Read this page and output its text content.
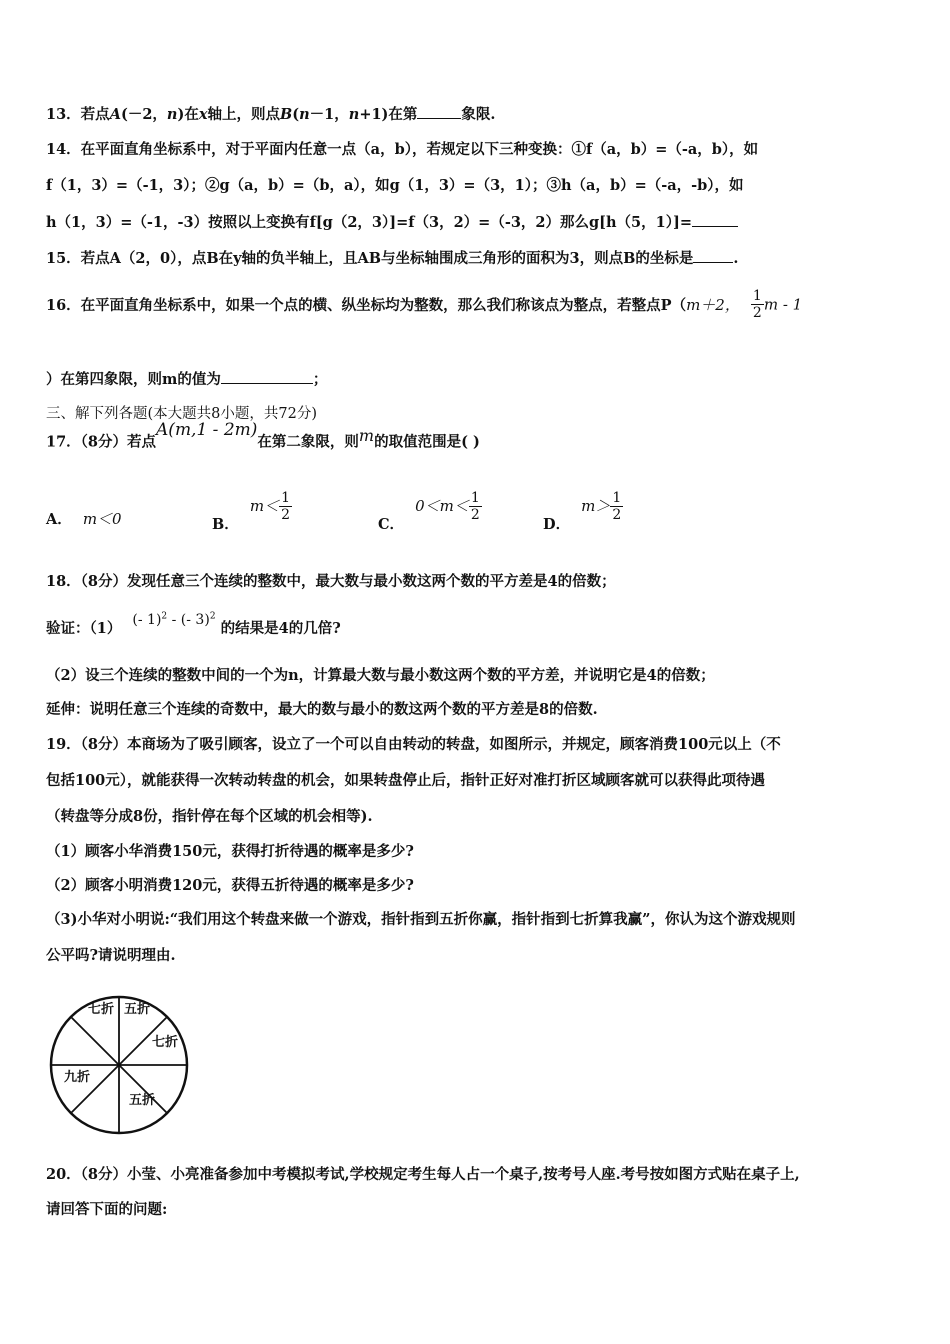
13．若点A(－2，n)在x轴上，则点B(n－1，n+1)在第	象限.
14．在平面直角坐标系中，对于平面内任意一点（a，b），若规定以下三种变换：①f（a，b）=（-a，b），如
f（1，3）=（-1，3）；②g（a，b）=（b，a），如g（1，3）=（3，1）；③h（a，b）=（-a，-b），如
h（1，3）=（-1，-3）按照以上变换有f[g（2，3）]=f（3，2）=（-3，2）那么g[h（5，1）]=
15．若点A（2，0），点B在y轴的负半轴上，且AB与坐标轴围成三角形的面积为3，则点B的坐标是	.
16．在平面直角坐标系中，如果一个点的横、纵坐标均为整数，那么我们称该点为整点，若整点P（m＋2， $\frac{1}{2}$ m - 1
）在第四象限，则m的值为	；
三、解下列各题(本大题共8小题，共72分)
17．（8分）若点A(m,1 - 2m)在第二象限，则m的取值范围是( )
A． m＜0	B． $m< \frac{1}{2}$
C． $0<m< \frac{1}{2}$
D． $m> \frac{1}{2}$
18．（8分）发现任意三个连续的整数中，最大数与最小数这两个数的平方差是4的倍数；
验证：（1） (- 1)$^2$ - (- 3)$^2$ 的结果是4的几倍?
（2）设三个连续的整数中间的一个为n，计算最大数与最小数这两个数的平方差，并说明它是4的倍数；
延伸：说明任意三个连续的奇数中，最大的数与最小的数这两个数的平方差是8的倍数.
19．（8分）本商场为了吸引顾客，设立了一个可以自由转动的转盘，如图所示，并规定，顾客消费100元以上（不
包括100元），就能获得一次转动转盘的机会，如果转盘停止后，指针正好对准打折区域顾客就可以获得此项待遇
（转盘等分成8份，指针停在每个区域的机会相等).
（1）顾客小华消费150元，获得打折待遇的概率是多少?
（2）顾客小明消费120元，获得五折待遇的概率是多少?
（3)小华对小明说:“我们用这个转盘来做一个游戏，指针指到五折你赢，指针指到七折算我赢”，你认为这个游戏规则
公平吗?请说明理由.
七折 五折
七折
九折
五折
20．（8分）小莹、小亮准备参加中考模拟考试,学校规定考生每人占一个桌子,按考号人座.考号按如图方式贴在桌子上,
请回答下面的问题:
